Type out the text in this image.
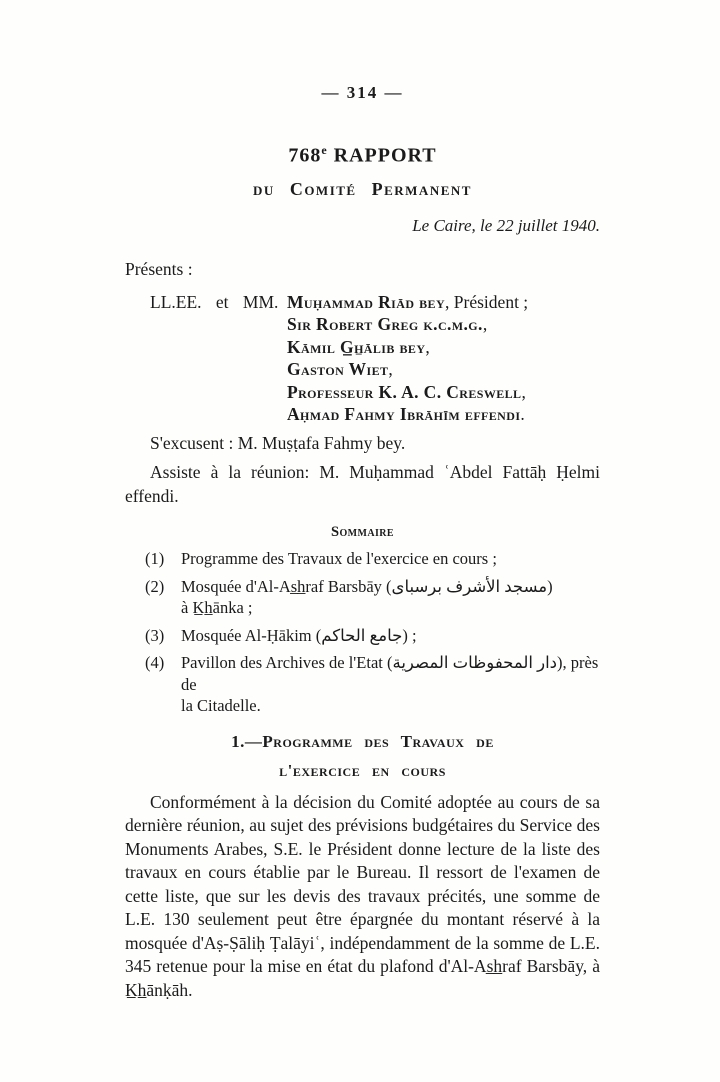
— 314 —
768e RAPPORT
du Comité Permanent
Le Caire, le 22 juillet 1940.

Présents :

LL.EE. et MM. Muḥammad Riād bey, Président ;
Sir Robert Greg k.c.m.g.,
Kāmil G̲h̲ālib bey,
Gaston Wiet,
Professeur K. A. C. Creswell,
Aḥmad Fahmy Ibrāhīm effendi.

S'excusent : M. Muṣṭafa Fahmy bey.

Assiste à la réunion: M. Muḥammad ʿAbdel Fattāḥ Ḥelmi effendi.

Sommaire
(1)	Programme des Travaux de l'exercice en cours ;
(2)	Mosquée d'Al-As̲h̲raf Barsbāy (مسجد الأشرف برسباى)
à K̲h̲ānka ;
(3)	Mosquée Al-Ḥākim (جامع الحاكم) ;
(4)	Pavillon des Archives de l'Etat (دار المحفوظات المصرية), près de
la Citadelle.
1.—Programme des Travaux de
l'exercice en cours

Conformément à la décision du Comité adoptée au cours de sa dernière réunion, au sujet des prévisions budgétaires du Service des Monuments Arabes, S.E. le Président donne lecture de la liste des travaux en cours établie par le Bureau. Il ressort de l'examen de cette liste, que sur les devis des travaux précités, une somme de L.E. 130 seulement peut être épargnée du montant réservé à la mosquée d'Aṣ-Ṣāliḥ Ṭalāyiʿ, indépendamment de la somme de L.E. 345 retenue pour la mise en état du plafond d'Al-As̲h̲raf Barsbāy, à K̲h̲ānḳāh.
